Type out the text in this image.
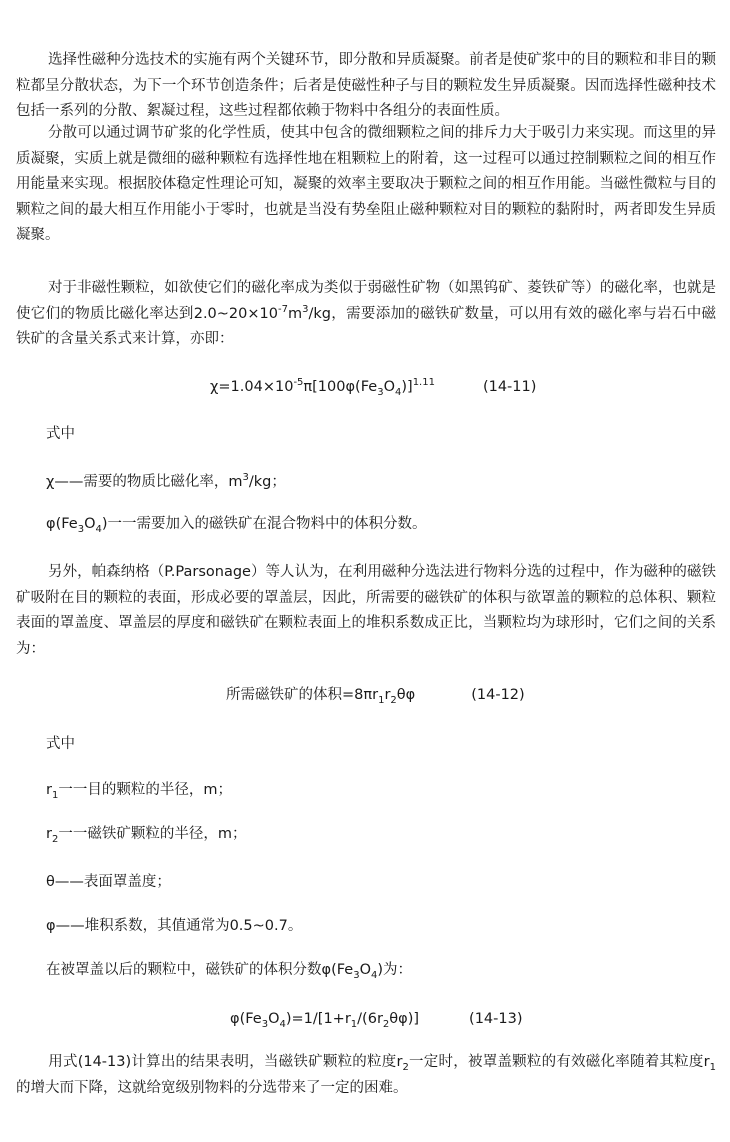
选择性磁种分选技术的实施有两个关键环节，即分散和异质凝聚。前者是使矿浆中的目的颗粒和非目的颗粒都呈分散状态，为下一个环节创造条件；后者是使磁性种子与目的颗粒发生异质凝聚。因而选择性磁种技术包括一系列的分散、絮凝过程，这些过程都依赖于物料中各组分的表面性质。

分散可以通过调节矿浆的化学性质，使其中包含的微细颗粒之间的排斥力大于吸引力来实现。而这里的异质凝聚，实质上就是微细的磁种颗粒有选择性地在粗颗粒上的附着，这一过程可以通过控制颗粒之间的相互作用能量来实现。根据胶体稳定性理论可知，凝聚的效率主要取决于颗粒之间的相互作用能。当磁性微粒与目的颗粒之间的最大相互作用能小于零时，也就是当没有势垒阻止磁种颗粒对目的颗粒的黏附时，两者即发生异质凝聚。

对于非磁性颗粒，如欲使它们的磁化率成为类似于弱磁性矿物（如黑钨矿、菱铁矿等）的磁化率，也就是使它们的物质比磁化率达到$2.0\sim 20\times 10^{-7}m^3/kg$，需要添加的磁铁矿数量，可以用有效的磁化率与岩石中磁铁矿的含量关系式来计算，亦即：

$\chi=1.04\times 10^{-5}\pi[100\varphi(Fe_3O_4)]^{1.11}$	(14-11)

式中

χ——需要的物质比磁化率，$m^3/kg$；

$\varphi(Fe_3O_4)$一一需要加入的磁铁矿在混合物料中的体积分数。

另外，帕森纳格（P.Parsonage）等人认为，在利用磁种分选法进行物料分选的过程中，作为磁种的磁铁矿吸附在目的颗粒的表面，形成必要的罩盖层，因此，所需要的磁铁矿的体积与欲罩盖的颗粒的总体积、颗粒表面的罩盖度、罩盖层的厚度和磁铁矿在颗粒表面上的堆积系数成正比，当颗粒均为球形时，它们之间的关系为：

所需磁铁矿的体积$=8\pi r_1r_2\theta\varphi$	(14-12)

式中

$r_1$一一目的颗粒的半径，m；

$r_2$一一磁铁矿颗粒的半径，m；

θ——表面罩盖度；

φ——堆积系数，其值通常为0.5~0.7。

在被罩盖以后的颗粒中，磁铁矿的体积分数$\varphi(Fe_3O_4)$为：

$\varphi(Fe_3O_4)=1/[1+r_1/(6r_2\theta\varphi)]$	(14-13)

用式(14-13)计算出的结果表明，当磁铁矿颗粒的粒度$r_2$一定时，被罩盖颗粒的有效磁化率随着其粒度$r_1$的增大而下降，这就给宽级别物料的分选带来了一定的困难。
